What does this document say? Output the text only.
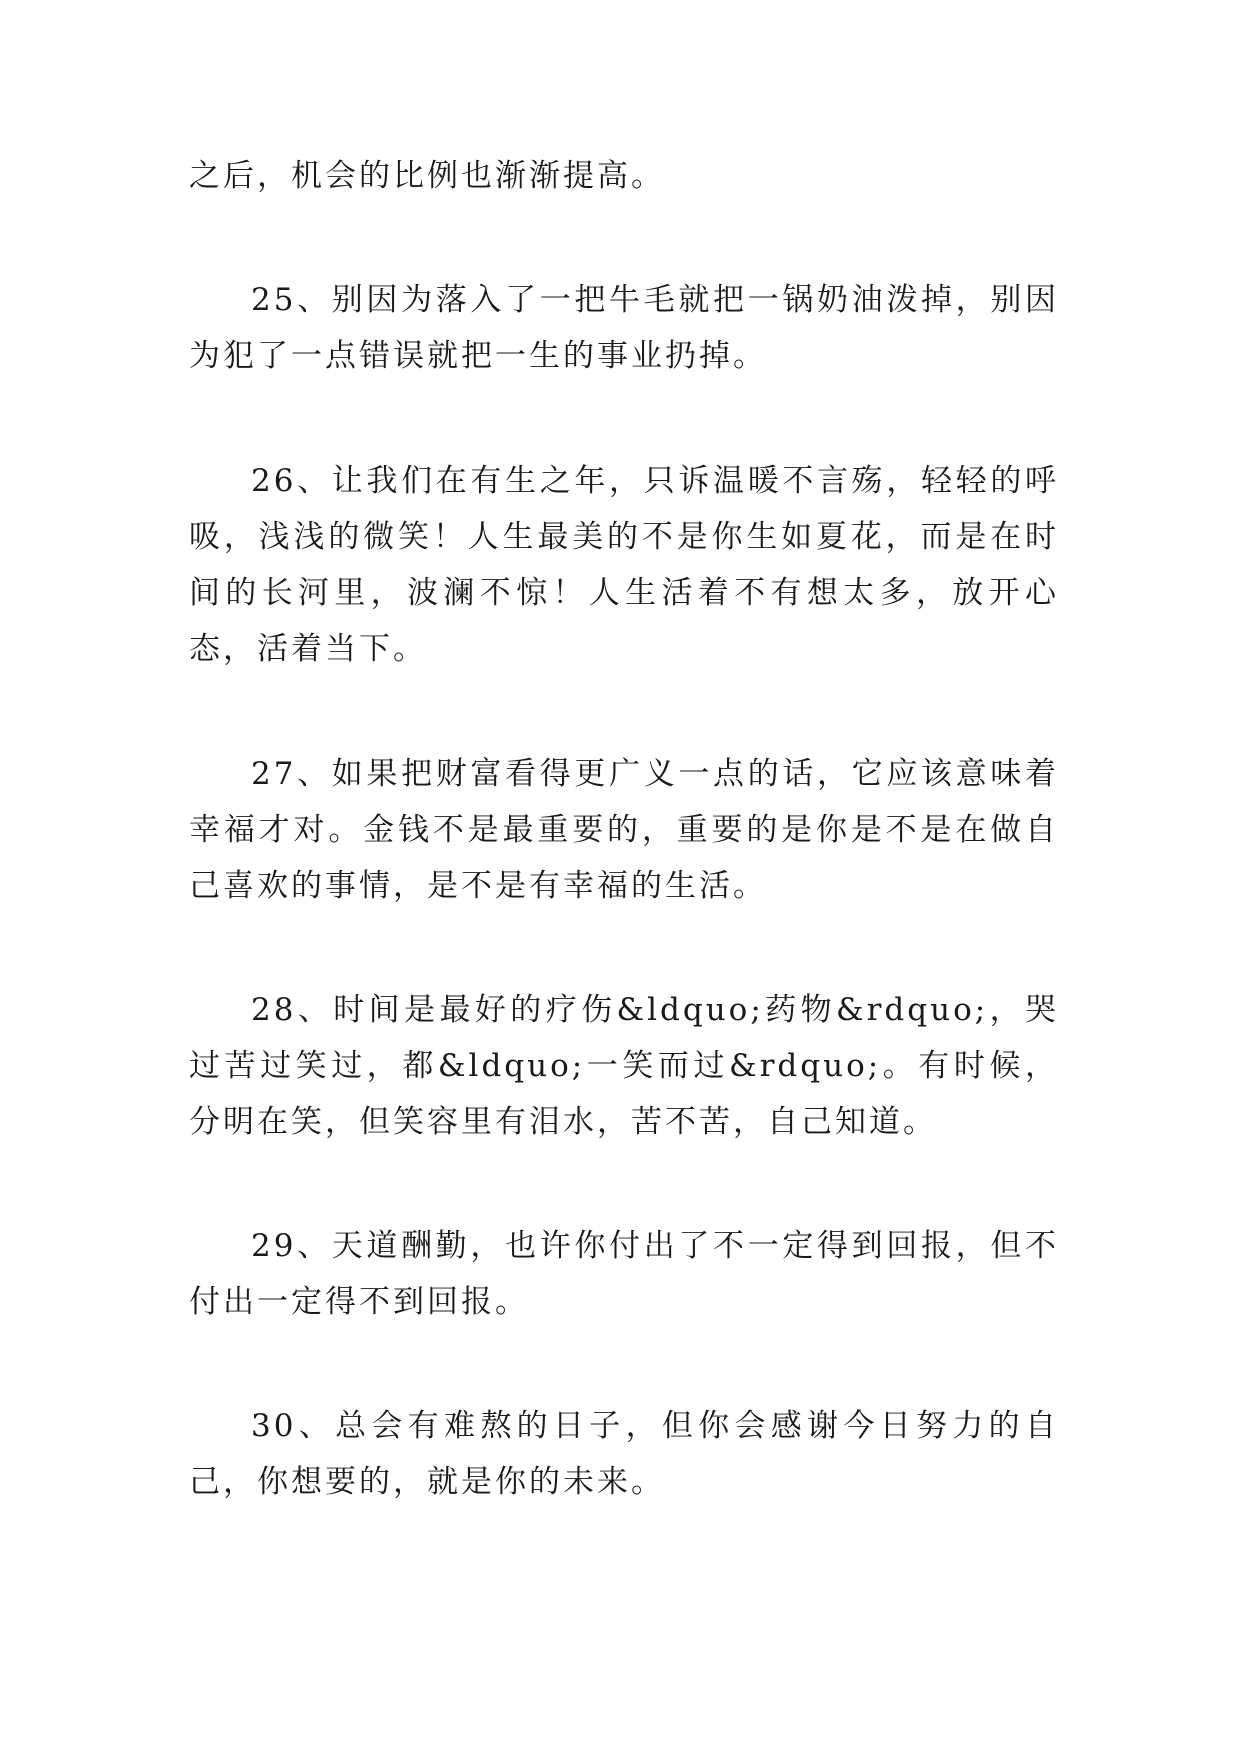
之后，机会的比例也渐渐提高。

25、别因为落入了一把牛毛就把一锅奶油泼掉，别因为犯了一点错误就把一生的事业扔掉。

26、让我们在有生之年，只诉温暖不言殇，轻轻的呼吸，浅浅的微笑！人生最美的不是你生如夏花，而是在时间的长河里，波澜不惊！人生活着不有想太多，放开心态，活着当下。

27、如果把财富看得更广义一点的话，它应该意味着幸福才对。金钱不是最重要的，重要的是你是不是在做自己喜欢的事情，是不是有幸福的生活。

28、时间是最好的疗伤&ldquo;药物&rdquo;，哭过苦过笑过，都&ldquo;一笑而过&rdquo;。有时候，分明在笑，但笑容里有泪水，苦不苦，自己知道。

29、天道酬勤，也许你付出了不一定得到回报，但不付出一定得不到回报。

30、总会有难熬的日子，但你会感谢今日努力的自己，你想要的，就是你的未来。
